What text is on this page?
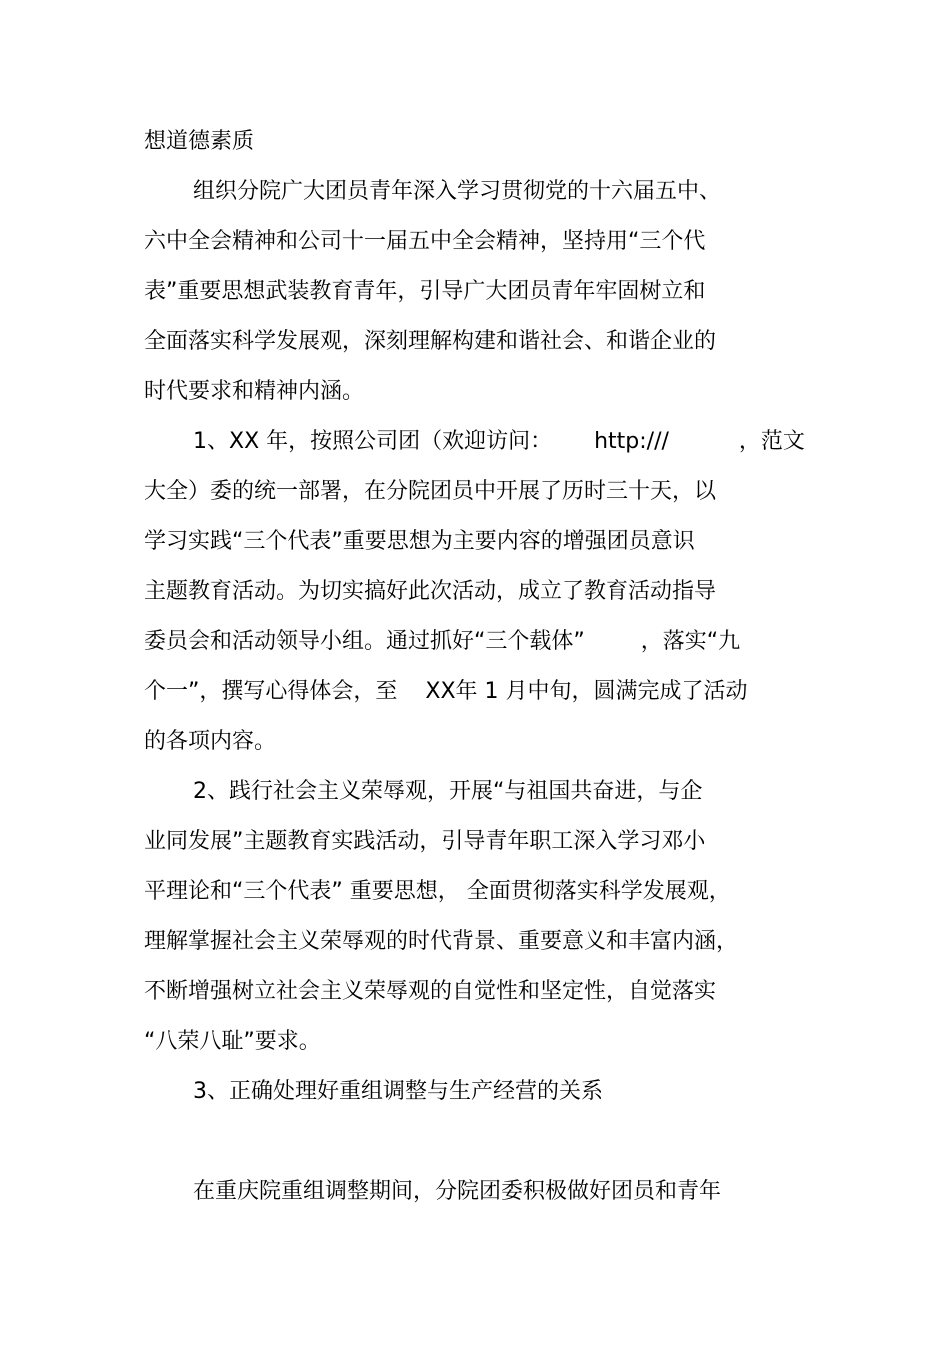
想道德素质

组织分院广大团员青年深入学习贯彻党的十六届五中、

六中全会精神和公司十一届五中全会精神，坚持用“三个代

表”重要思想武装教育青年，引导广大团员青年牢固树立和

全面落实科学发展观，深刻理解构建和谐社会、和谐企业的

时代要求和精神内涵。

1、XX 年，按照公司团（欢迎访问：      http:///          ，范文

大全）委的统一部署，在分院团员中开展了历时三十天，以

学习实践“三个代表”重要思想为主要内容的增强团员意识

主题教育活动。为切实搞好此次活动，成立了教育活动指导

委员会和活动领导小组。通过抓好“三个载体”        ，落实“九

个一”，撰写心得体会，至    XX年 1 月中旬，圆满完成了活动

的各项内容。

2、践行社会主义荣辱观，开展“与祖国共奋进，与企

业同发展”主题教育实践活动，引导青年职工深入学习邓小

平理论和“三个代表” 重要思想， 全面贯彻落实科学发展观，

理解掌握社会主义荣辱观的时代背景、重要意义和丰富内涵，

不断增强树立社会主义荣辱观的自觉性和坚定性，自觉落实

“八荣八耻”要求。

3、正确处理好重组调整与生产经营的关系

在重庆院重组调整期间，分院团委积极做好团员和青年
